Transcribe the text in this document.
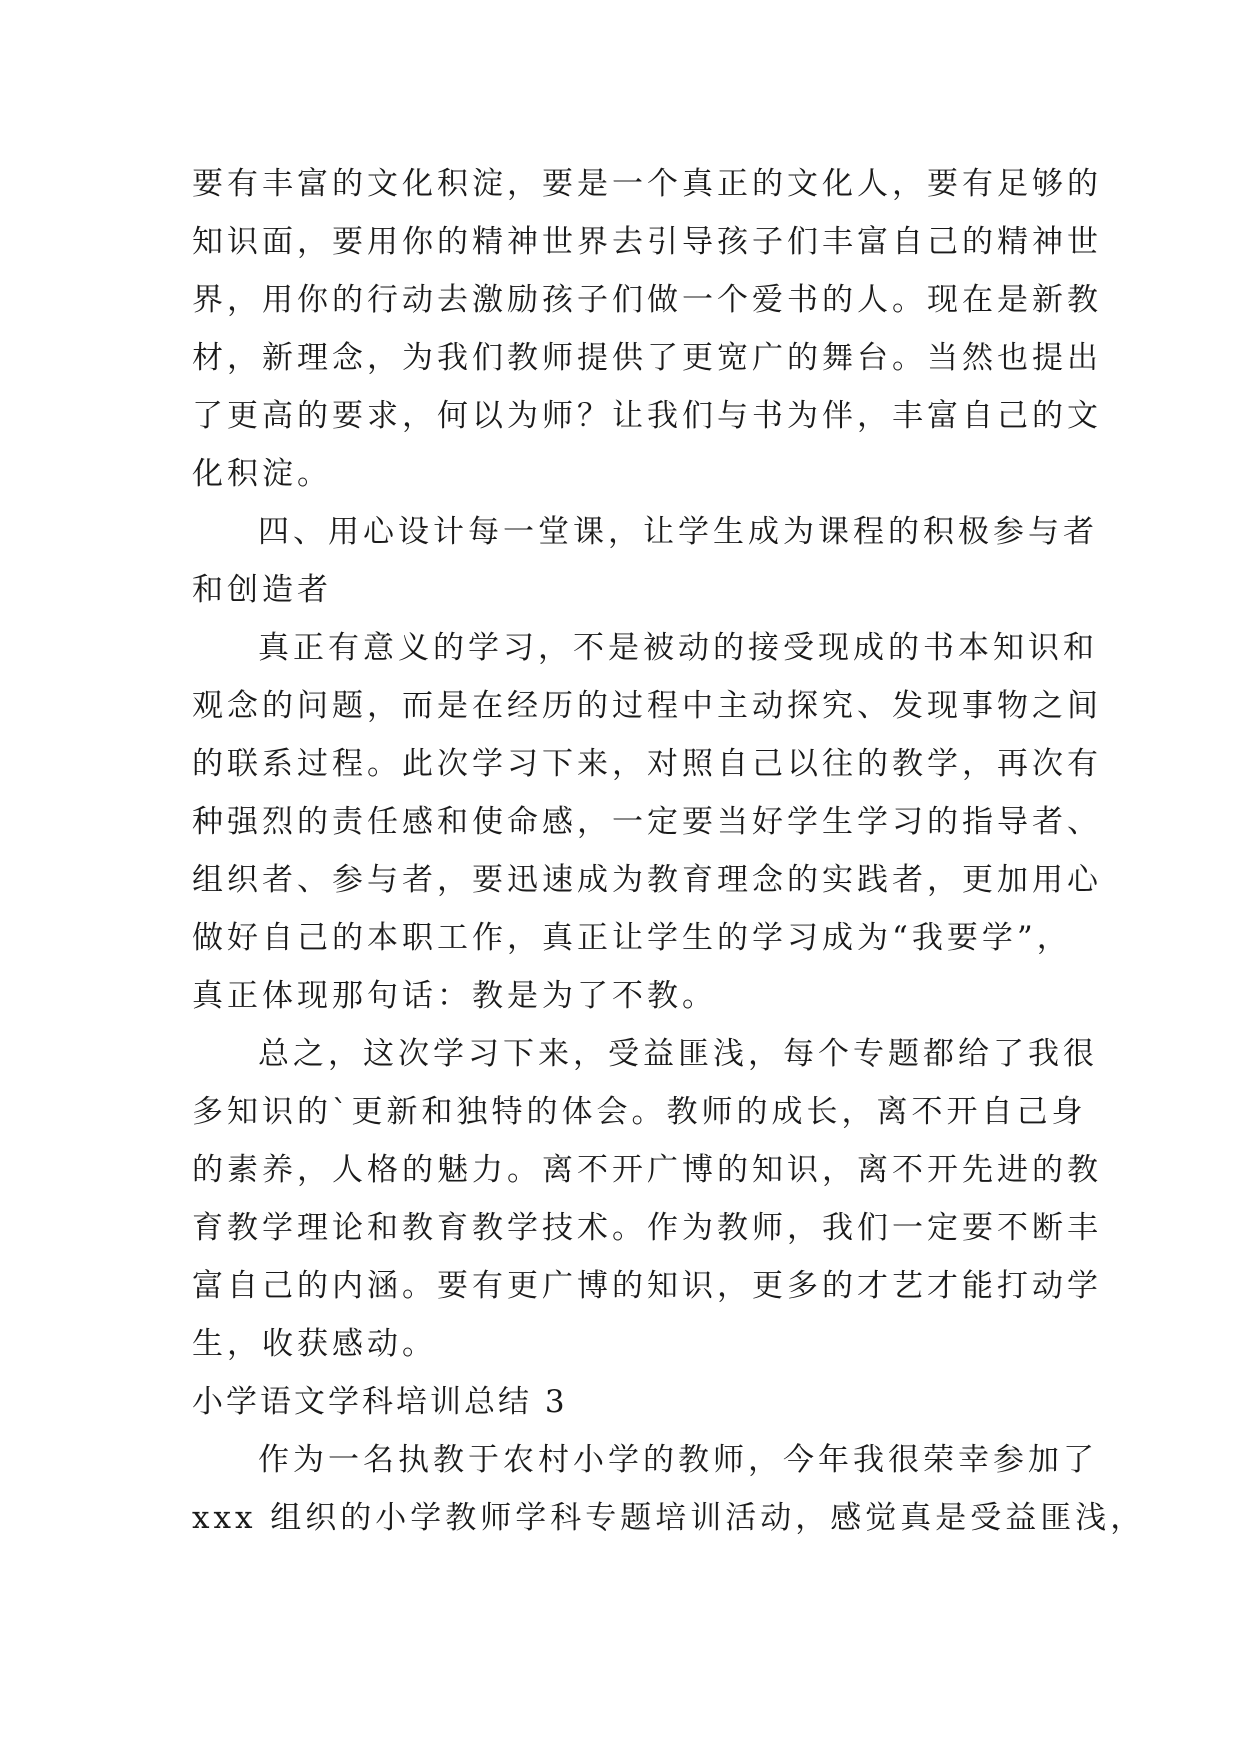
要有丰富的文化积淀，要是一个真正的文化人，要有足够的
知识面，要用你的精神世界去引导孩子们丰富自己的精神世
界，用你的行动去激励孩子们做一个爱书的人。现在是新教
材，新理念，为我们教师提供了更宽广的舞台。当然也提出
了更高的要求，何以为师？让我们与书为伴，丰富自己的文
化积淀。
四、用心设计每一堂课，让学生成为课程的积极参与者
和创造者
真正有意义的学习，不是被动的接受现成的书本知识和
观念的问题，而是在经历的过程中主动探究、发现事物之间
的联系过程。此次学习下来，对照自己以往的教学，再次有
种强烈的责任感和使命感，一定要当好学生学习的指导者、
组织者、参与者，要迅速成为教育理念的实践者，更加用心
做好自己的本职工作，真正让学生的学习成为“我要学”，
真正体现那句话：教是为了不教。
总之，这次学习下来，受益匪浅，每个专题都给了我很
多知识的`更新和独特的体会。教师的成长，离不开自己身
的素养，人格的魅力。离不开广博的知识，离不开先进的教
育教学理论和教育教学技术。作为教师，我们一定要不断丰
富自己的内涵。要有更广博的知识，更多的才艺才能打动学
生，收获感动。
小学语文学科培训总结 3
作为一名执教于农村小学的教师，今年我很荣幸参加了
xxx 组织的小学教师学科专题培训活动，感觉真是受益匪浅，
